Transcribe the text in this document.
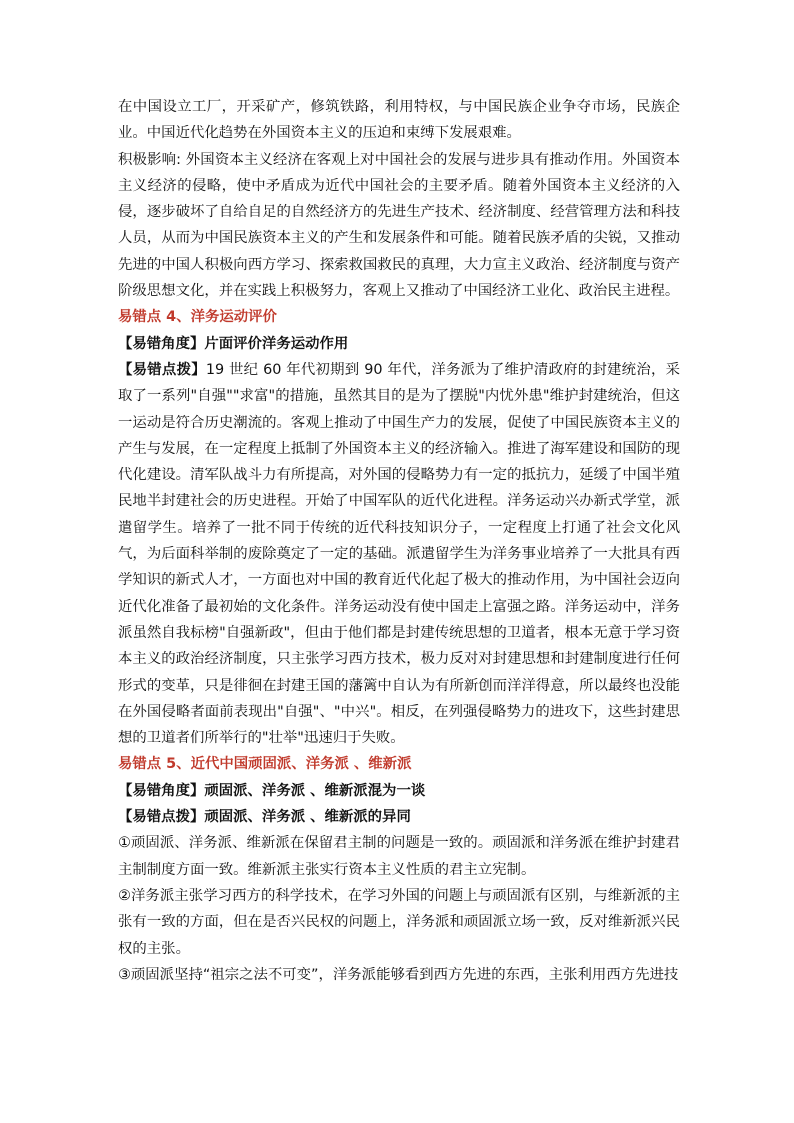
在中国设立工厂，开采矿产，修筑铁路，利用特权，与中国民族企业争夺市场，民族企业。中国近代化趋势在外国资本主义的压迫和束缚下发展艰难。

积极影响: 外国资本主义经济在客观上对中国社会的发展与进步具有推动作用。外国资本主义经济的侵略，使中矛盾成为近代中国社会的主要矛盾。随着外国资本主义经济的入侵，逐步破坏了自给自足的自然经济方的先进生产技术、经济制度、经营管理方法和科技人员，从而为中国民族资本主义的产生和发展条件和可能。随着民族矛盾的尖锐，又推动先进的中国人积极向西方学习、探索救国救民的真理，大力宣主义政治、经济制度与资产阶级思想文化，并在实践上积极努力，客观上又推动了中国经济工业化、政治民主进程。

易错点 4、洋务运动评价

【易错角度】片面评价洋务运动作用

【易错点拨】19 世纪 60 年代初期到 90 年代，洋务派为了维护清政府的封建统治，采取了一系列"自强""求富"的措施，虽然其目的是为了摆脱"内忧外患"维护封建统治，但这一运动是符合历史潮流的。客观上推动了中国生产力的发展，促使了中国民族资本主义的产生与发展，在一定程度上抵制了外国资本主义的经济输入。推进了海军建设和国防的现代化建设。清军队战斗力有所提高，对外国的侵略势力有一定的抵抗力，延缓了中国半殖民地半封建社会的历史进程。开始了中国军队的近代化进程。洋务运动兴办新式学堂，派遣留学生。培养了一批不同于传统的近代科技知识分子，一定程度上打通了社会文化风气，为后面科举制的废除奠定了一定的基础。派遣留学生为洋务事业培养了一大批具有西学知识的新式人才，一方面也对中国的教育近代化起了极大的推动作用，为中国社会迈向近代化准备了最初始的文化条件。洋务运动没有使中国走上富强之路。洋务运动中，洋务派虽然自我标榜"自强新政"，但由于他们都是封建传统思想的卫道者，根本无意于学习资本主义的政治经济制度，只主张学习西方技术，极力反对对封建思想和封建制度进行任何形式的变革，只是徘徊在封建王国的藩篱中自认为有所新创而洋洋得意，所以最终也没能在外国侵略者面前表现出"自强"、"中兴"。相反，在列强侵略势力的进攻下，这些封建思想的卫道者们所举行的"壮举"迅速归于失败。

易错点 5、近代中国顽固派、洋务派 、维新派

【易错角度】顽固派、洋务派 、维新派混为一谈

【易错点拨】顽固派、洋务派 、维新派的异同

①顽固派、洋务派、维新派在保留君主制的问题是一致的。顽固派和洋务派在维护封建君主制制度方面一致。维新派主张实行资本主义性质的君主立宪制。

②洋务派主张学习西方的科学技术，在学习外国的问题上与顽固派有区别，与维新派的主张有一致的方面，但在是否兴民权的问题上，洋务派和顽固派立场一致，反对维新派兴民权的主张。

③顽固派坚持“祖宗之法不可变”，洋务派能够看到西方先进的东西，主张利用西方先进技
